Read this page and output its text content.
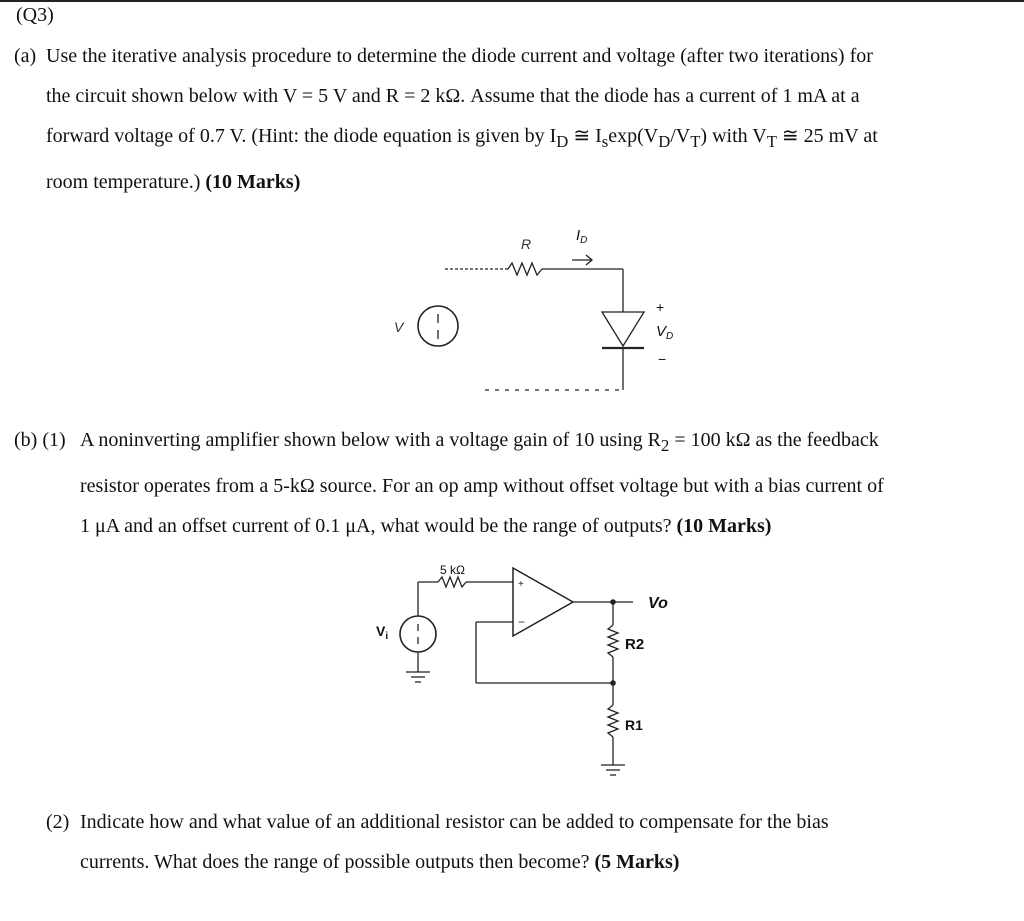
(Q3)
(a) Use the iterative analysis procedure to determine the diode current and voltage (after two iterations) for
the circuit shown below with V = 5 V and R = 2 kΩ. Assume that the diode has a current of 1 mA at a
forward voltage of 0.7 V. (Hint: the diode equation is given by $I_D$ ≅ $I_s\exp(V_D/V_T)$ with $V_T$ ≅ 25 mV at
room temperature.) (10 Marks)
R	$I_D$
V
+
$V_D$
−
(b) (1) A noninverting amplifier shown below with a voltage gain of 10 using $R_2 = 100$ kΩ as the feedback
resistor operates from a 5-kΩ source. For an op amp without offset voltage but with a bias current of
1 μA and an offset current of 0.1 μA, what would be the range of outputs? (10 Marks)
+
−
5 kΩ
$V_i$
Vo
R2
R1
(2) Indicate how and what value of an additional resistor can be added to compensate for the bias
currents. What does the range of possible outputs then become? (5 Marks)
